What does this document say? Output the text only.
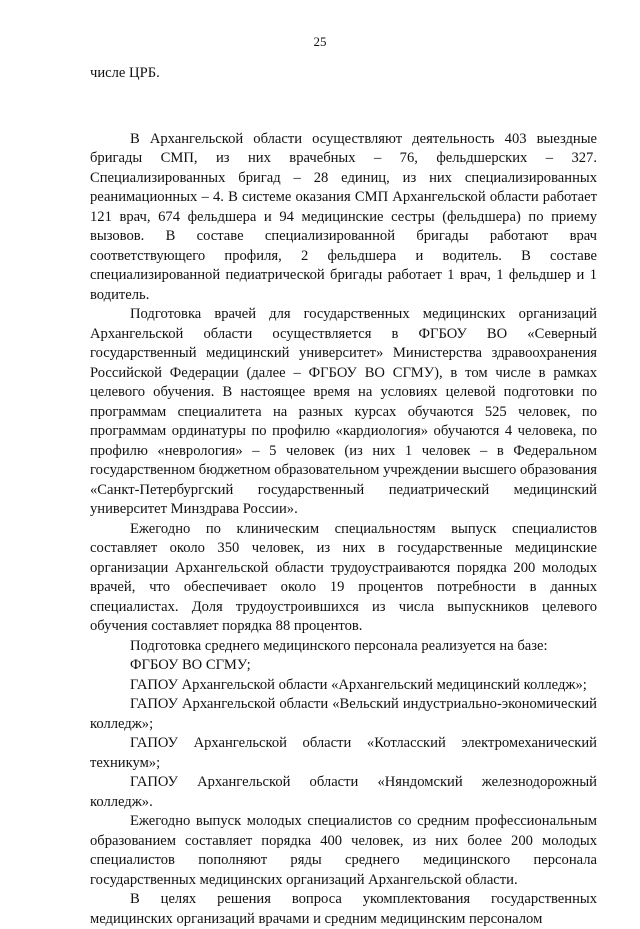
25

числе ЦРБ.

В Архангельской области осуществляют деятельность 403 выездные бригады СМП, из них врачебных – 76, фельдшерских – 327. Специализированных бригад – 28 единиц, из них специализированных реанимационных – 4. В системе оказания СМП Архангельской области работает 121 врач, 674 фельдшера и 94 медицинские сестры (фельдшера) по приему вызовов. В составе специализированной бригады работают врач соответствующего профиля, 2 фельдшера и водитель. В составе специализированной педиатрической бригады работает 1 врач, 1 фельдшер и 1 водитель.

Подготовка врачей для государственных медицинских организаций Архангельской области осуществляется в ФГБОУ ВО «Северный государственный медицинский университет» Министерства здравоохранения Российской Федерации (далее – ФГБОУ ВО СГМУ), в том числе в рамках целевого обучения. В настоящее время на условиях целевой подготовки по программам специалитета на разных курсах обучаются 525 человек, по программам ординатуры по профилю «кардиология» обучаются 4 человека, по профилю «неврология» – 5 человек (из них 1 человек – в Федеральном государственном бюджетном образовательном учреждении высшего образования «Санкт-Петербургский государственный педиатрический медицинский университет Минздрава России».

Ежегодно по клиническим специальностям выпуск специалистов составляет около 350 человек, из них в государственные медицинские организации Архангельской области трудоустраиваются порядка 200 молодых врачей, что обеспечивает около 19 процентов потребности в данных специалистах. Доля трудоустроившихся из числа выпускников целевого обучения составляет порядка 88 процентов.

Подготовка среднего медицинского персонала реализуется на базе:

ФГБОУ ВО СГМУ;

ГАПОУ Архангельской области «Архангельский медицинский колледж»;

ГАПОУ Архангельской области «Вельский индустриально-экономический колледж»;

ГАПОУ Архангельской области «Котласский электромеханический техникум»;

ГАПОУ Архангельской области «Няндомский железнодорожный колледж».

Ежегодно выпуск молодых специалистов со средним профессиональным образованием составляет порядка 400 человек, из них более 200 молодых специалистов пополняют ряды среднего медицинского персонала государственных медицинских организаций Архангельской области.

В целях решения вопроса укомплектования государственных медицинских организаций врачами и средним медицинским персоналом
